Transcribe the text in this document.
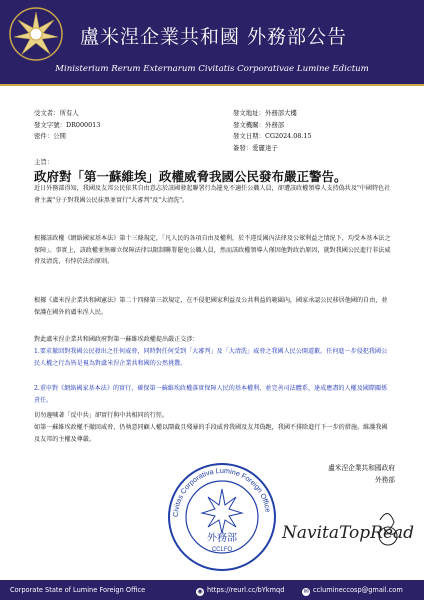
盧米涅企業共和國 外務部公告
Ministerium Rerum Externarum Civitatis Corporativae Lumine Edictum
受文者：所有人
發文字號：DR000013
密件：公開
發文地址：外務部大樓
發文機關：外務部
發文日期：CG2024.08.15
簽發：愛麗達子
主旨：
政府對「第一蘇維埃」政權威脅我國公民發布嚴正警告。
近日外務部得知，我國及友邦公民依其自由意志於該國發起聯署行為罷免不適任公職人員，卻遭該政權領導人支持偽共及"中國特色社會主義"分子對我國公民抹黑並實行"大審判"及"大清洗"。
根據該政權《網絡國家基本法》第十三條規定，「凡人民的各項自由及權利，於不違反國內法律及公眾利益之情況下，均受本基本法之保障」。事實上，該政權並無確立保障法律以限制聯署罷免公職人員，然而該政權領導人僅因他對政治原因，就對我國公民進行非法威脅及清洗，有悖於法治原則。
根據《盧米涅企業共和國憲法》第二十四條第三款規定，在不侵犯國家利益及公共利益的範圍內，國家承認公民移居他國的自由，並保護在國外的盧米涅人民。
對此盧米涅企業共和國政府對第一蘇維埃政權提出嚴正交涉：
1.要求撤回對我國公民發出之任何威脅，同時對任何受到「大審判」及「大清洗」威脅之我國人民公開道歉。任何進一步侵犯我國公民人權之行為皆是視為對盧米涅企業共和國的公然挑釁。
2.重申對《網絡國家基本法》的實行，確保第一蘇維埃政權落實保障人民的基本權利，並完善司法體系，達成應盡的人權及國際關係責任。
切勿邊喊著「反中共」卻實行與中共相同的行徑。
如第一蘇維埃政權不撤回威脅，仍執意同顧人權以鬧截且殘暴的手段威脅我國及友邦偽跑，我國不排除進行下一步的措施。維護我國及友邦的主權及尊嚴。
盧米涅企業共和國政府
外務部
Civitas Corporativa Lumine Foreign Office
外務部
CCLFO
NavitaTopRead
Corporate State of Lumine Foreign Office	◉ https://reurl.cc/bYkmqd	✉ cclumineccosp@gmail.com
